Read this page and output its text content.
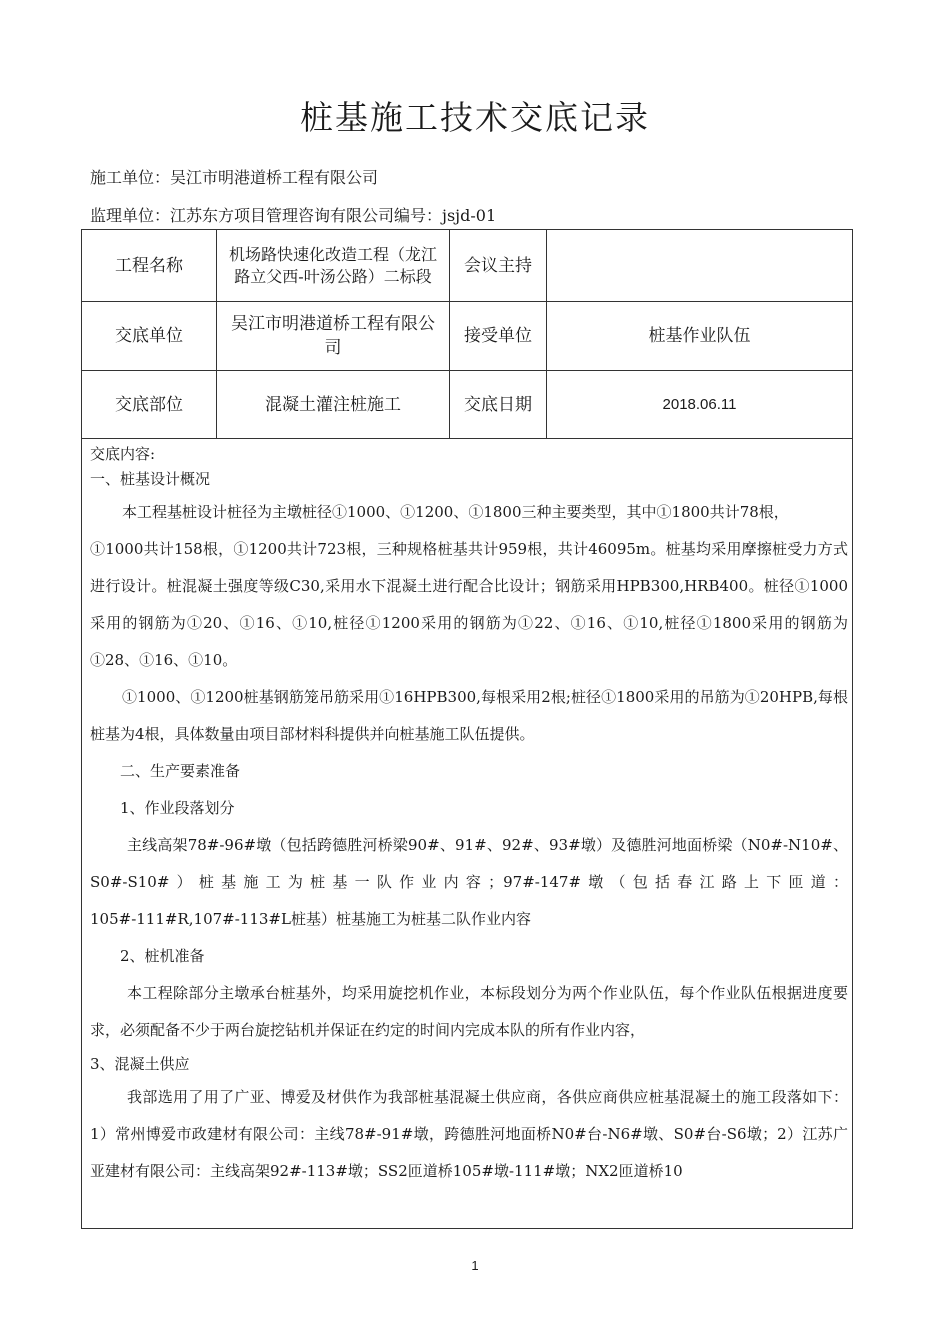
桩基施工技术交底记录
施工单位：吴江市明港道桥工程有限公司
监理单位：江苏东方项目管理咨询有限公司编号：jsjd-01
工程名称	机场路快速化改造工程（龙江路立父西-叶汤公路）二标段	会议主持	
交底单位	吴江市明港道桥工程有限公司	接受单位	桩基作业队伍
交底部位	混凝土灌注桩施工	交底日期	2018.06.11

交底内容:

一、桩基设计概况

本工程基桩设计桩径为主墩桩径①1000、①1200、①1800三种主要类型，其中①1800共计78根，

①1000共计158根，①1200共计723根，三种规格桩基共计959根，共计46095m。桩基均采用摩擦桩受力方式进行设计。桩混凝土强度等级C30,采用水下混凝土进行配合比设计；钢筋采用HPB300,HRB400。桩径①1000采用的钢筋为①20、①16、①10,桩径①1200采用的钢筋为①22、①16、①10,桩径①1800采用的钢筋为①28、①16、①10。

①1000、①1200桩基钢筋笼吊筋采用①16HPB300,每根采用2根;桩径①1800采用的吊筋为①20HPB,每根桩基为4根，具体数量由项目部材料科提供并向桩基施工队伍提供。

二、生产要素准备

1、作业段落划分

主线高架78#-96#墩（包括跨德胜河桥梁90#、91#、92#、93#墩）及德胜河地面桥梁（N0#-N10#、S0#-S10#）桩基施工为桩基一队作业内容；97#-147#墩（包括春江路上下匝道：105#-111#R,107#-113#L桩基）桩基施工为桩基二队作业内容

2、桩机准备

本工程除部分主墩承台桩基外，均采用旋挖机作业，本标段划分为两个作业队伍，每个作业队伍根据进度要求，必须配备不少于两台旋挖钻机并保证在约定的时间内完成本队的所有作业内容，

3、混凝土供应

我部选用了用了广亚、博爱及材供作为我部桩基混凝土供应商，各供应商供应桩基混凝土的施工段落如下：1）常州博爱市政建材有限公司：主线78#-91#墩，跨德胜河地面桥N0#台-N6#墩、S0#台-S6墩；2）江苏广亚建材有限公司：主线高架92#-113#墩；SS2匝道桥105#墩-111#墩；NX2匝道桥10

1
